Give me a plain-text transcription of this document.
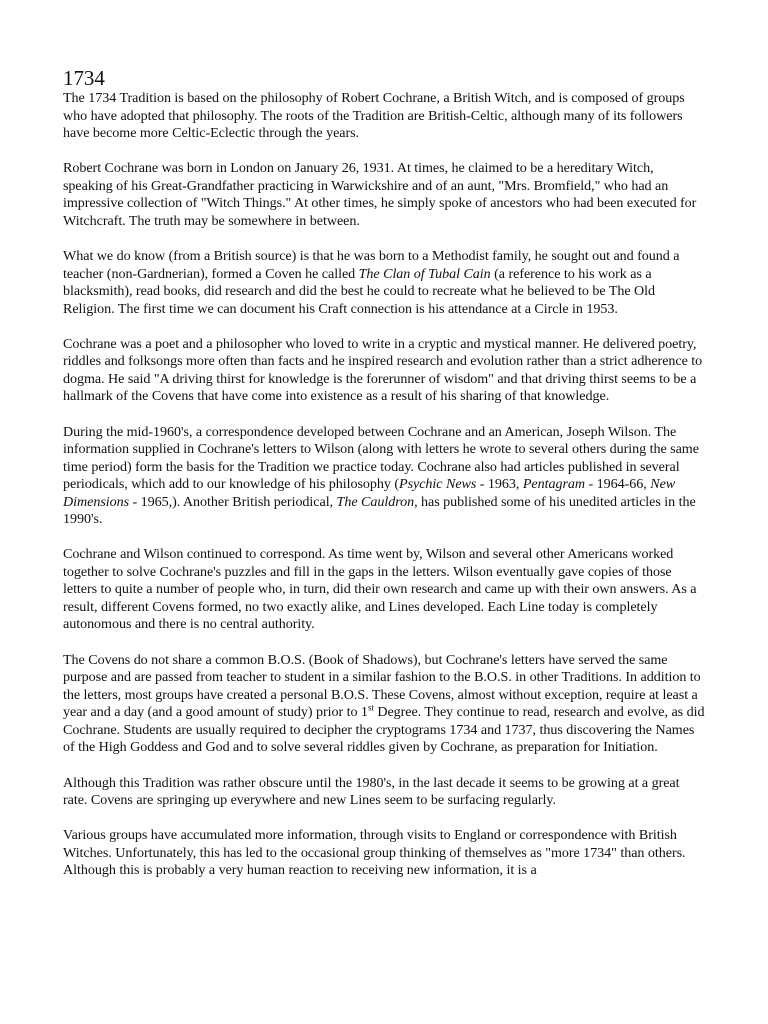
1734

The 1734 Tradition is based on the philosophy of Robert Cochrane, a British Witch, and is composed of groups who have adopted that philosophy. The roots of the Tradition are British-Celtic, although many of its followers have become more Celtic-Eclectic through the years.

Robert Cochrane was born in London on January 26, 1931. At times, he claimed to be a hereditary Witch, speaking of his Great-Grandfather practicing in Warwickshire and of an aunt, "Mrs. Bromfield," who had an impressive collection of "Witch Things." At other times, he simply spoke of ancestors who had been executed for Witchcraft. The truth may be somewhere in between.

What we do know (from a British source) is that he was born to a Methodist family, he sought out and found a teacher (non-Gardnerian), formed a Coven he called The Clan of Tubal Cain (a reference to his work as a blacksmith), read books, did research and did the best he could to recreate what he believed to be The Old Religion. The first time we can document his Craft connection is his attendance at a Circle in 1953.

Cochrane was a poet and a philosopher who loved to write in a cryptic and mystical manner. He delivered poetry, riddles and folksongs more often than facts and he inspired research and evolution rather than a strict adherence to dogma. He said "A driving thirst for knowledge is the forerunner of wisdom" and that driving thirst seems to be a hallmark of the Covens that have come into existence as a result of his sharing of that knowledge.

During the mid-1960's, a correspondence developed between Cochrane and an American, Joseph Wilson. The information supplied in Cochrane's letters to Wilson (along with letters he wrote to several others during the same time period) form the basis for the Tradition we practice today. Cochrane also had articles published in several periodicals, which add to our knowledge of his philosophy (Psychic News - 1963, Pentagram - 1964-66, New Dimensions - 1965,). Another British periodical, The Cauldron, has published some of his unedited articles in the 1990's.

Cochrane and Wilson continued to correspond. As time went by, Wilson and several other Americans worked together to solve Cochrane's puzzles and fill in the gaps in the letters. Wilson eventually gave copies of those letters to quite a number of people who, in turn, did their own research and came up with their own answers. As a result, different Covens formed, no two exactly alike, and Lines developed. Each Line today is completely autonomous and there is no central authority.

The Covens do not share a common B.O.S. (Book of Shadows), but Cochrane's letters have served the same purpose and are passed from teacher to student in a similar fashion to the B.O.S. in other Traditions. In addition to the letters, most groups have created a personal B.O.S. These Covens, almost without exception, require at least a year and a day (and a good amount of study) prior to 1st Degree. They continue to read, research and evolve, as did Cochrane. Students are usually required to decipher the cryptograms 1734 and 1737, thus discovering the Names of the High Goddess and God and to solve several riddles given by Cochrane, as preparation for Initiation.

Although this Tradition was rather obscure until the 1980's, in the last decade it seems to be growing at a great rate. Covens are springing up everywhere and new Lines seem to be surfacing regularly.

Various groups have accumulated more information, through visits to England or correspondence with British Witches. Unfortunately, this has led to the occasional group thinking of themselves as "more 1734" than others. Although this is probably a very human reaction to receiving new information, it is a
